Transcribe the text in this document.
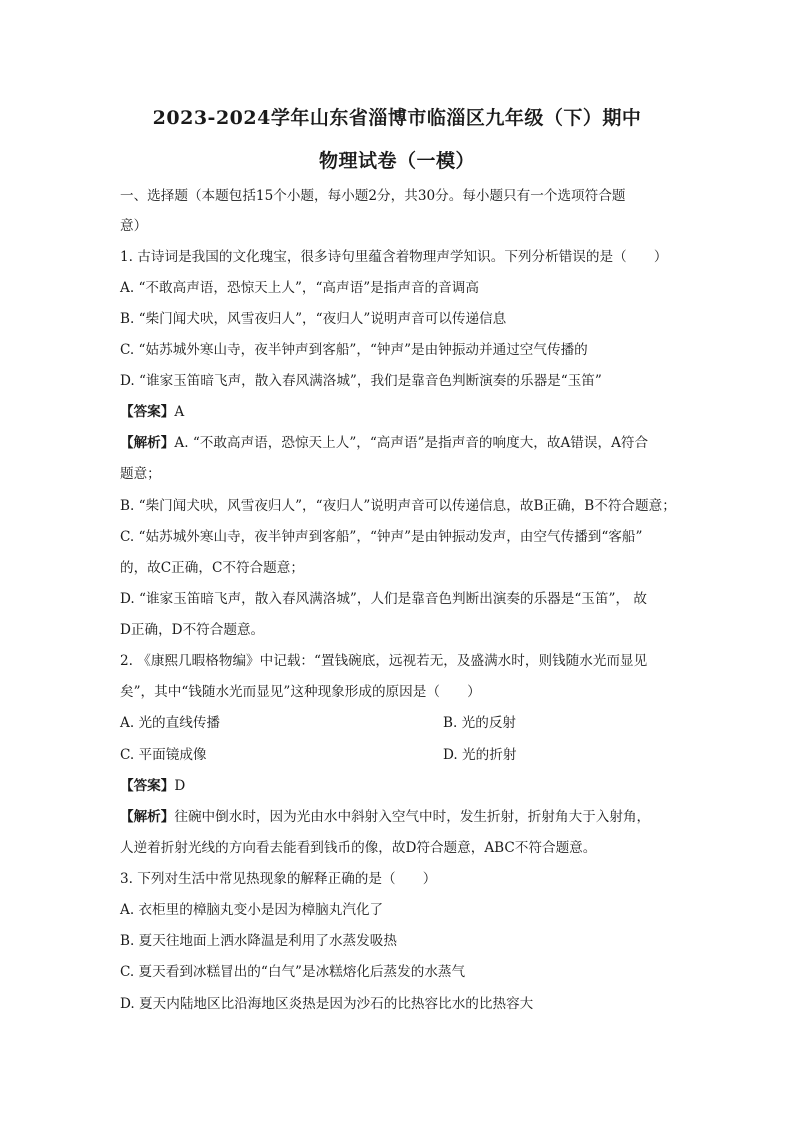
2023-2024学年山东省淄博市临淄区九年级（下）期中
物理试卷（一模）
一、选择题（本题包括15个小题，每小题2分，共30分。每小题只有一个选项符合题
意）
1. 古诗词是我国的文化瑰宝，很多诗句里蕴含着物理声学知识。下列分析错误的是（　　）
A. “不敢高声语，恐惊天上人”，“高声语”是指声音的音调高
B. “柴门闻犬吠，风雪夜归人”，“夜归人”说明声音可以传递信息
C. “姑苏城外寒山寺，夜半钟声到客船”，“钟声”是由钟振动并通过空气传播的
D. “谁家玉笛暗飞声，散入春风满洛城”，我们是靠音色判断演奏的乐器是“玉笛”
【答案】A
【解析】A. “不敢高声语，恐惊天上人”，“高声语”是指声音的响度大，故A错误，A符合
题意；
B. “柴门闻犬吠，风雪夜归人”，“夜归人”说明声音可以传递信息，故B正确，B不符合题意；
C. “姑苏城外寒山寺，夜半钟声到客船”，“钟声”是由钟振动发声，由空气传播到“客船”
的，故C正确，C不符合题意；
D. “谁家玉笛暗飞声，散入春风满洛城”，人们是靠音色判断出演奏的乐器是“玉笛”， 故
D正确，D不符合题意。
2. 《康熙几暇格物编》中记载：“置钱碗底，远视若无，及盛满水时，则钱随水光而显见
矣”，其中“钱随水光而显见”这种现象形成的原因是（　　）
A. 光的直线传播	B. 光的反射
C. 平面镜成像	D. 光的折射
【答案】D
【解析】往碗中倒水时，因为光由水中斜射入空气中时，发生折射，折射角大于入射角，
人逆着折射光线的方向看去能看到钱币的像，故D符合题意，ABC不符合题意。
3. 下列对生活中常见热现象的解释正确的是（　　）
A. 衣柜里的樟脑丸变小是因为樟脑丸汽化了
B. 夏天往地面上洒水降温是利用了水蒸发吸热
C. 夏天看到冰糕冒出的“白气”是冰糕熔化后蒸发的水蒸气
D. 夏天内陆地区比沿海地区炎热是因为沙石的比热容比水的比热容大
